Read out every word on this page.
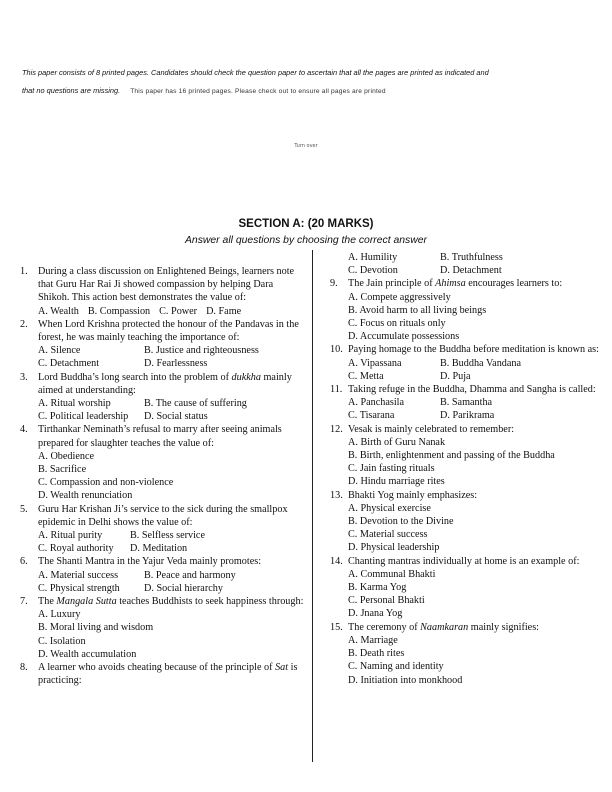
This paper consists of 8 printed pages. Candidates should check the question paper to ascertain that all the pages are printed as indicated and
that no questions are missing. This paper has 16 printed pages. Please check out to ensure all pages are printed
Turn over
SECTION A: (20 MARKS)
Answer all questions by choosing the correct answer
1. During a class discussion on Enlightened Beings, learners note that Guru Har Rai Ji showed compassion by helping Dara Shikoh. This action best demonstrates the value of:
A. Wealth B. Compassion C. Power D. Fame
2. When Lord Krishna protected the honour of the Pandavas in the forest, he was mainly teaching the importance of:
A. Silence	B. Justice and righteousness
C. Detachment	D. Fearlessness
3. Lord Buddha’s long search into the problem of dukkha mainly aimed at understanding:
A. Ritual worship	B. The cause of suffering
C. Political leadership	D. Social status
4. Tirthankar Neminath’s refusal to marry after seeing animals prepared for slaughter teaches the value of:
A. Obedience
B. Sacrifice
C. Compassion and non-violence
D. Wealth renunciation
5. Guru Har Krishan Ji’s service to the sick during the smallpox epidemic in Delhi shows the value of:
A. Ritual purity	B. Selfless service
C. Royal authority	D. Meditation
6. The Shanti Mantra in the Yajur Veda mainly promotes:
A. Material success	B. Peace and harmony
C. Physical strength	D. Social hierarchy
7. The Mangala Sutta teaches Buddhists to seek happiness through:
A. Luxury
B. Moral living and wisdom
C. Isolation
D. Wealth accumulation
8. A learner who avoids cheating because of the principle of Sat is practicing:
A. Humility	B. Truthfulness
C. Devotion	D. Detachment
9. The Jain principle of Ahimsa encourages learners to:
A. Compete aggressively
B. Avoid harm to all living beings
C. Focus on rituals only
D. Accumulate possessions
10. Paying homage to the Buddha before meditation is known as:
A. Vipassana	B. Buddha Vandana
C. Metta	D. Puja
11. Taking refuge in the Buddha, Dhamma and Sangha is called:
A. Panchasila	B. Samantha
C. Tisarana	D. Parikrama
12. Vesak is mainly celebrated to remember:
A. Birth of Guru Nanak
B. Birth, enlightenment and passing of the Buddha
C. Jain fasting rituals
D. Hindu marriage rites
13. Bhakti Yog mainly emphasizes:
A. Physical exercise
B. Devotion to the Divine
C. Material success
D. Physical leadership
14. Chanting mantras individually at home is an example of:
A. Communal Bhakti
B. Karma Yog
C. Personal Bhakti
D. Jnana Yog
15. The ceremony of Naamkaran mainly signifies:
A. Marriage
B. Death rites
C. Naming and identity
D. Initiation into monkhood
